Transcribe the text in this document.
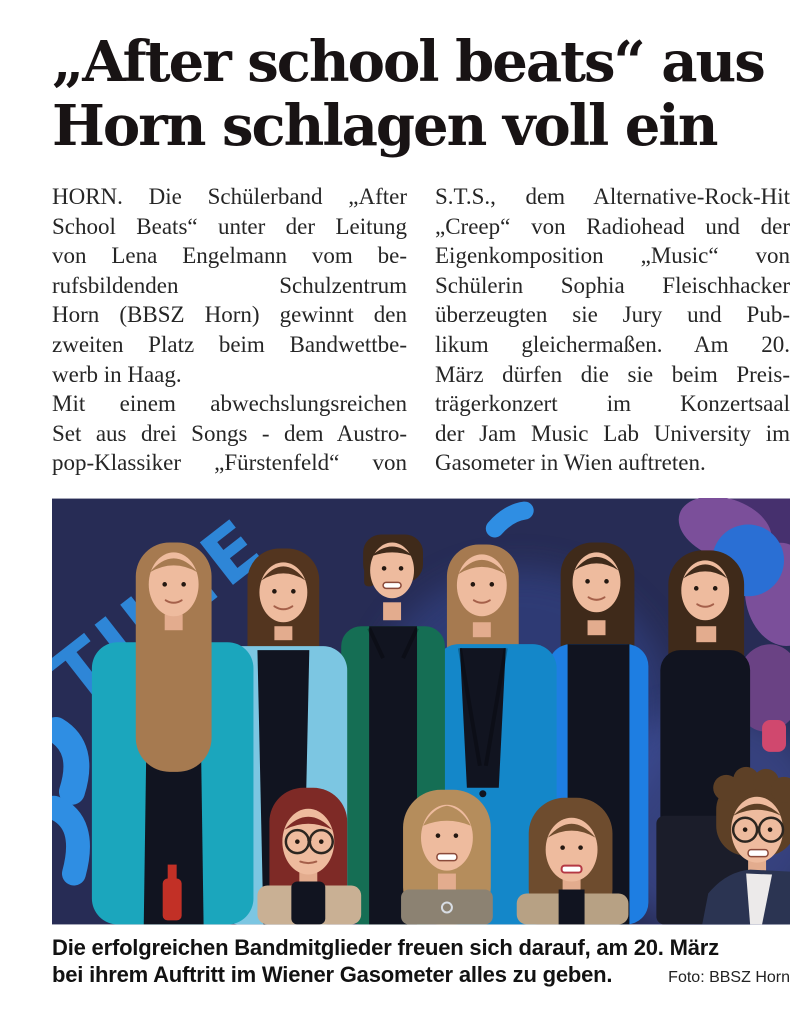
„After school beats“ aus
Horn schlagen voll ein
HORN. Die Schülerband „After
School Beats“ unter der Leitung
von Lena Engelmann vom be-
rufsbildenden Schulzentrum
Horn (BBSZ Horn) gewinnt den
zweiten Platz beim Bandwettbe-
werb in Haag.
Mit einem abwechslungsreichen
Set aus drei Songs - dem Austro-
pop-Klassiker „Fürstenfeld“ von
S.T.S., dem Alternative-Rock-Hit
„Creep“ von Radiohead und der
Eigenkomposition „Music“ von
Schülerin Sophia Fleischhacker
überzeugten sie Jury und Pub-
likum gleichermaßen. Am 20.
März dürfen die sie beim Preis-
trägerkonzert im Konzertsaal
der Jam Music Lab University im
Gasometer in Wien auftreten.
Die erfolgreichen Bandmitglieder freuen sich darauf, am 20. März
bei ihrem Auftritt im Wiener Gasometer alles zu geben.	Foto: BBSZ Horn
